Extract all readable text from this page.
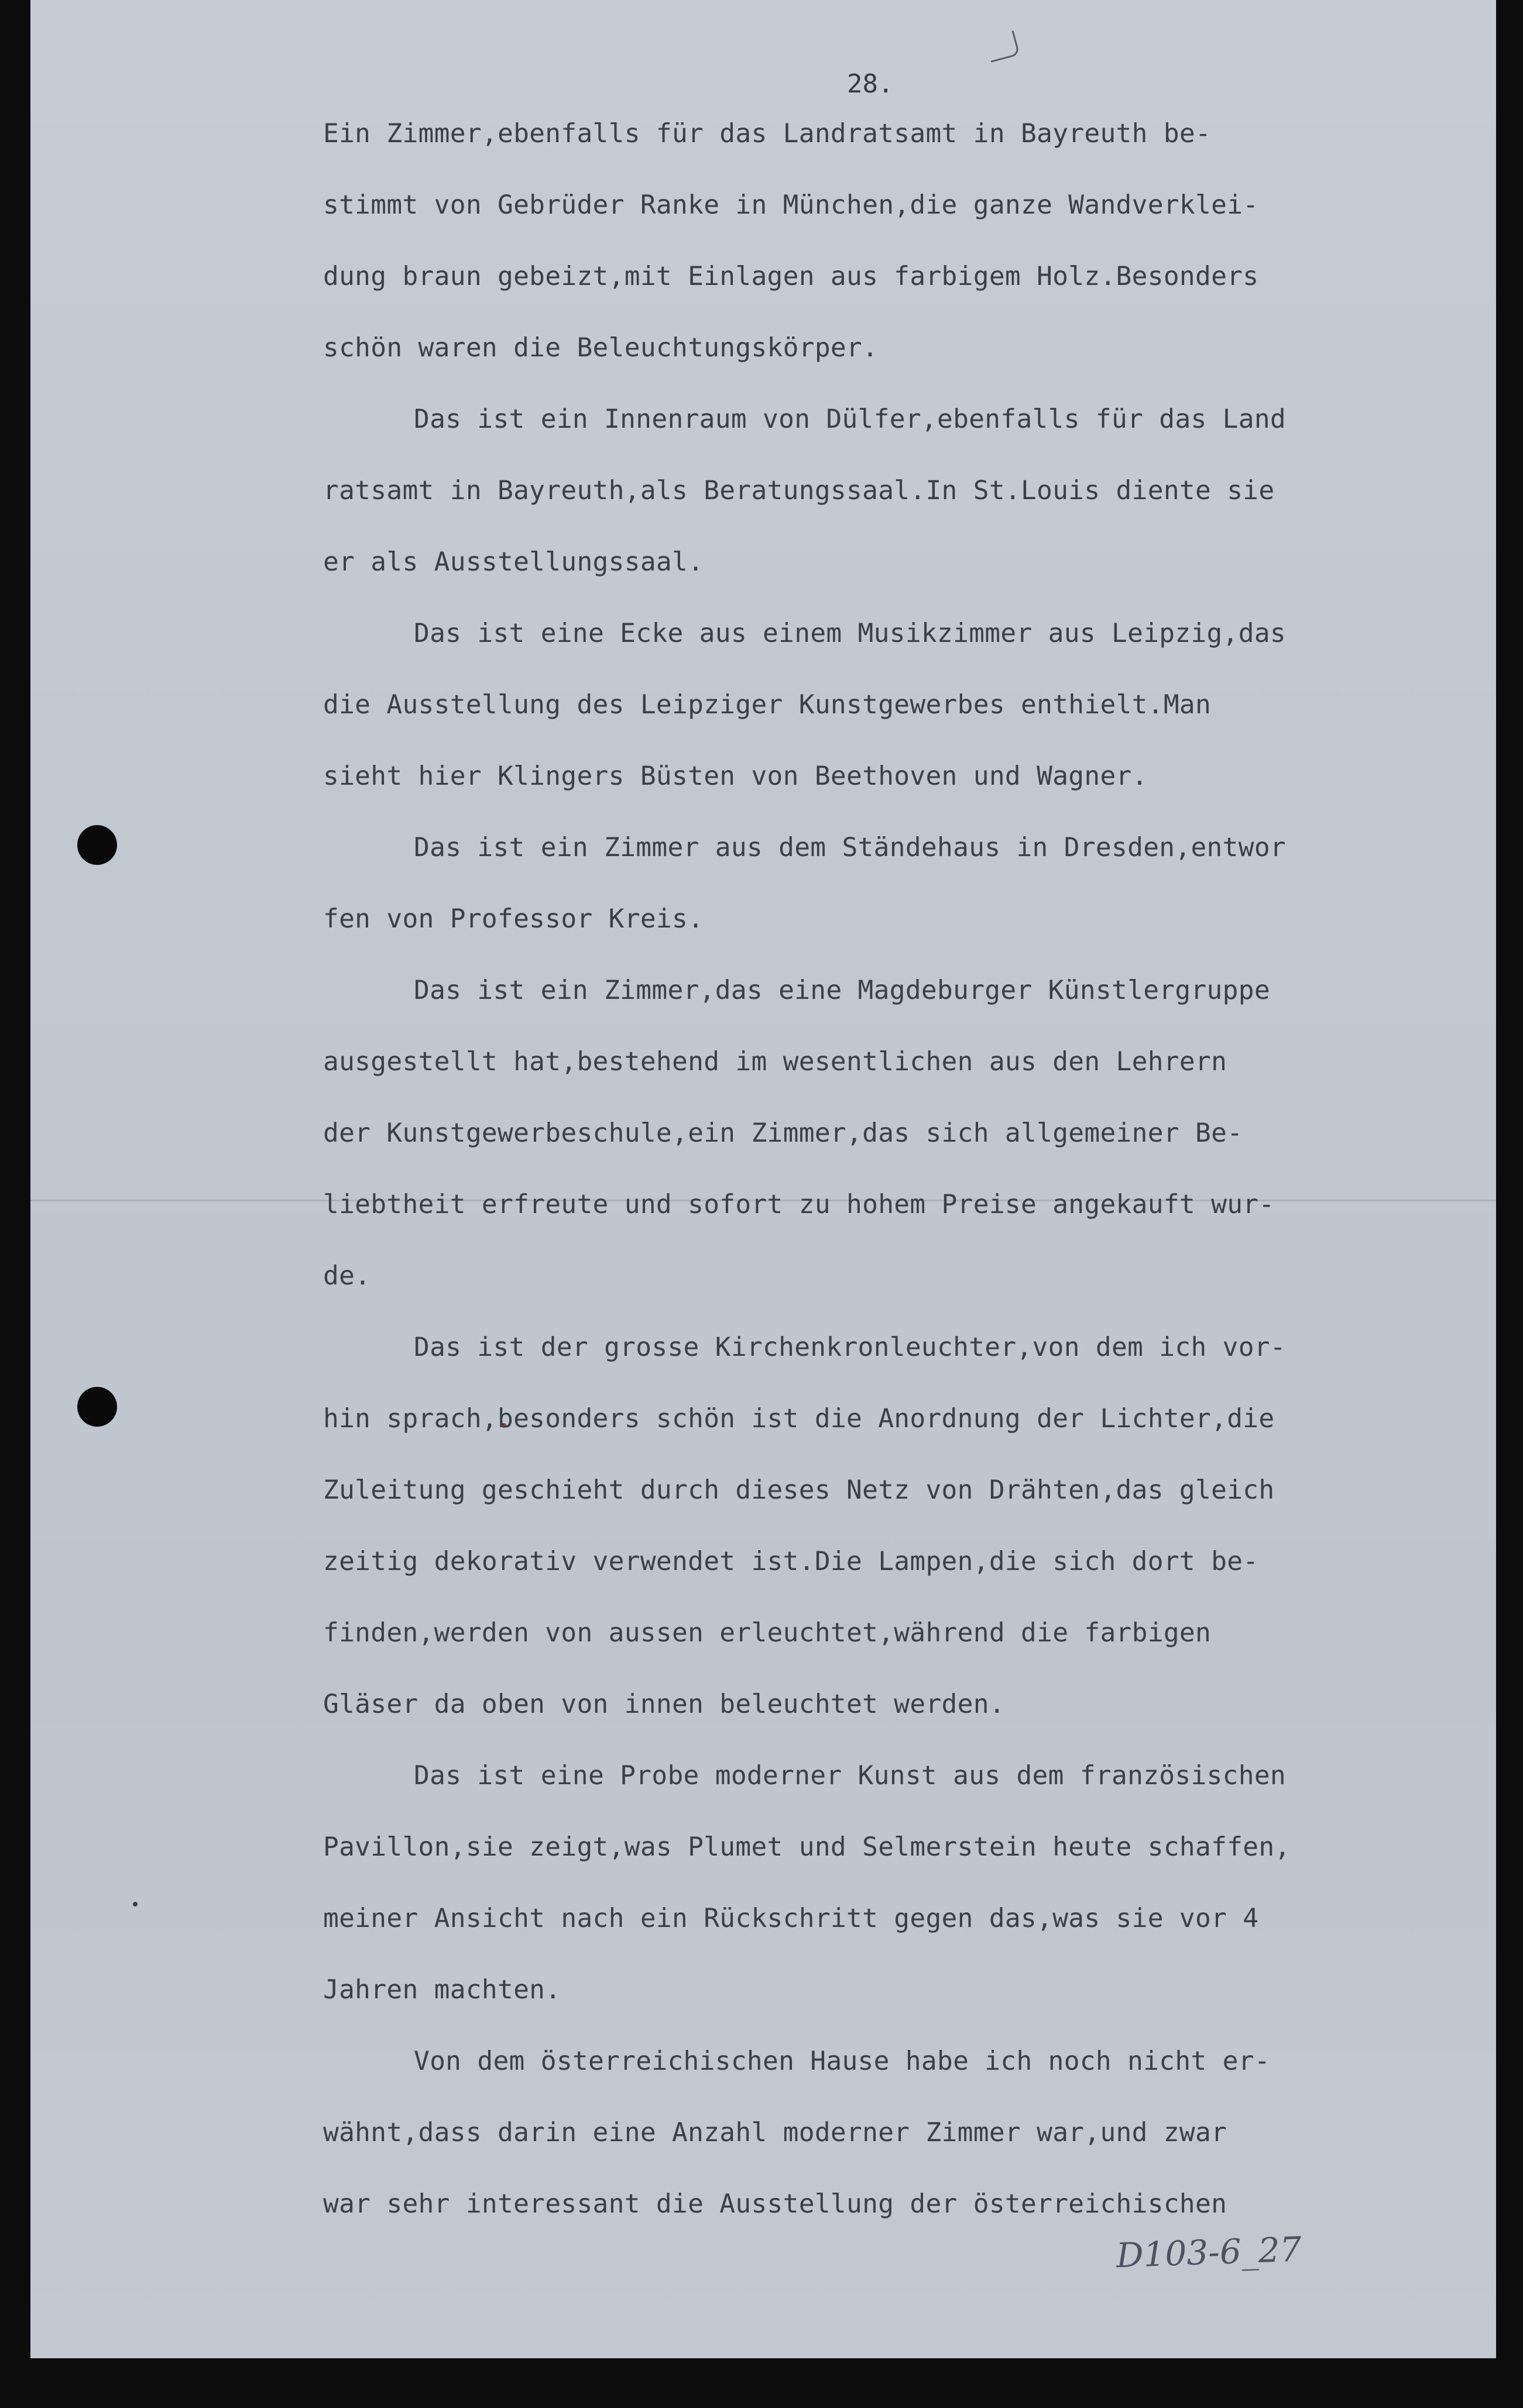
28.

Ein Zimmer,ebenfalls für das Landratsamt in Bayreuth be-
stimmt von Gebrüder Ranke in München,die ganze Wandverklei-
dung braun gebeizt,mit Einlagen aus farbigem Holz.Besonders
schön waren die Beleuchtungskörper.
Das ist ein Innenraum von Dülfer,ebenfalls für das Land
ratsamt in Bayreuth,als Beratungssaal.In St.Louis diente sie
er als Ausstellungssaal.
Das ist eine Ecke aus einem Musikzimmer aus Leipzig,das
die Ausstellung des Leipziger Kunstgewerbes enthielt.Man
sieht hier Klingers Büsten von Beethoven und Wagner.
Das ist ein Zimmer aus dem Ständehaus in Dresden,entwor
fen von Professor Kreis.
Das ist ein Zimmer,das eine Magdeburger Künstlergruppe
ausgestellt hat,bestehend im wesentlichen aus den Lehrern
der Kunstgewerbeschule,ein Zimmer,das sich allgemeiner Be-
liebtheit erfreute und sofort zu hohem Preise angekauft wur-
de.
Das ist der grosse Kirchenkronleuchter,von dem ich vor-
hin sprach,besonders schön ist die Anordnung der Lichter,die
Zuleitung geschieht durch dieses Netz von Drähten,das gleich
zeitig dekorativ verwendet ist.Die Lampen,die sich dort be-
finden,werden von aussen erleuchtet,während die farbigen
Gläser da oben von innen beleuchtet werden.
Das ist eine Probe moderner Kunst aus dem französischen
Pavillon,sie zeigt,was Plumet und Selmerstein heute schaffen,
meiner Ansicht nach ein Rückschritt gegen das,was sie vor 4
Jahren machten.
Von dem österreichischen Hause habe ich noch nicht er-
wähnt,dass darin eine Anzahl moderner Zimmer war,und zwar
war sehr interessant die Ausstellung der österreichischen

D103-6_27
